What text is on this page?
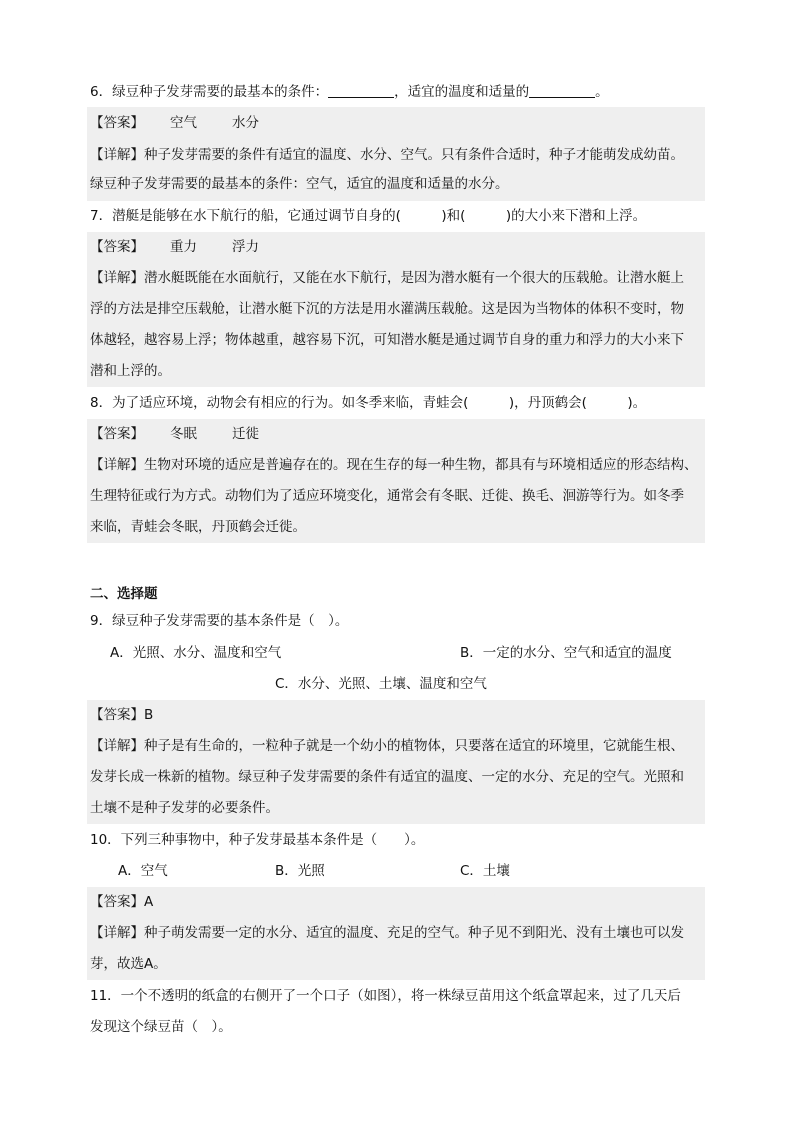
6．绿豆种子发芽需要的最基本的条件：	，适宜的温度和适量的	。
【答案】 空气	水分
【详解】种子发芽需要的条件有适宜的温度、水分、空气。只有条件合适时，种子才能萌发成幼苗。
绿豆种子发芽需要的最基本的条件：空气，适宜的温度和适量的水分。
7．潜艇是能够在水下航行的船，它通过调节自身的(　　　)和(　　　)的大小来下潜和上浮。
【答案】 重力	浮力
【详解】潜水艇既能在水面航行，又能在水下航行，是因为潜水艇有一个很大的压载舱。让潜水艇上
浮的方法是排空压载舱，让潜水艇下沉的方法是用水灌满压载舱。这是因为当物体的体积不变时，物
体越轻，越容易上浮；物体越重，越容易下沉，可知潜水艇是通过调节自身的重力和浮力的大小来下
潜和上浮的。
8．为了适应环境，动物会有相应的行为。如冬季来临，青蛙会(　　　)，丹顶鹤会(　　　)。
【答案】 冬眠	迁徙
【详解】生物对环境的适应是普遍存在的。现在生存的每一种生物，都具有与环境相适应的形态结构、
生理特征或行为方式。动物们为了适应环境变化，通常会有冬眠、迁徙、换毛、洄游等行为。如冬季
来临，青蛙会冬眠，丹顶鹤会迁徙。
二、选择题
9．绿豆种子发芽需要的基本条件是（　）。
A．光照、水分、温度和空气	B．一定的水分、空气和适宜的温度
C．水分、光照、土壤、温度和空气
【答案】B
【详解】种子是有生命的，一粒种子就是一个幼小的植物体，只要落在适宜的环境里，它就能生根、
发芽长成一株新的植物。绿豆种子发芽需要的条件有适宜的温度、一定的水分、充足的空气。光照和
土壤不是种子发芽的必要条件。
10．下列三种事物中，种子发芽最基本条件是（　　）。
A．空气	B．光照	C．土壤
【答案】A
【详解】种子萌发需要一定的水分、适宜的温度、充足的空气。种子见不到阳光、没有土壤也可以发
芽，故选A。
11．一个不透明的纸盒的右侧开了一个口子（如图），将一株绿豆苗用这个纸盒罩起来，过了几天后
发现这个绿豆苗（　）。
